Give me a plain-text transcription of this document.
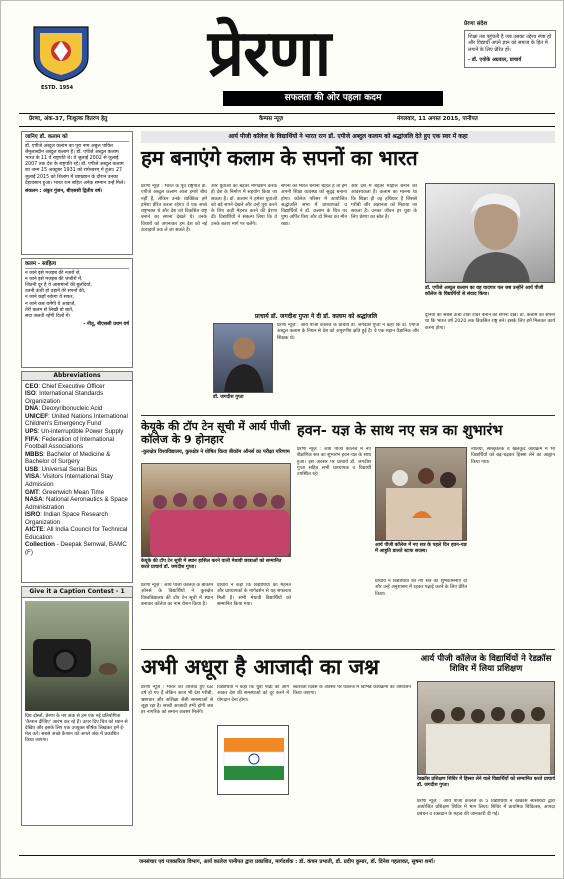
ESTD. 1954	प्रेरणा
सफलता की ओर पहला कदम
प्रेरणा संदेश
शिक्षा तब पहुंचती है जब उसका उद्देश्य स्पष्ट हो और विद्यार्थी अपने ज्ञान को समाज के हित में लगाने के लिए प्रेरित हों।
- डॉ. एयोके अग्रवाल, प्राचार्य
प्रेरणा, अंक-37, निःशुल्क वितरण हेतु	कैम्पस न्यूज़	मंगलवार, 11 अगस्त 2015, पानीपत
जानिए डॉ. कलाम को
डॉ. एपीजे अब्दुल कलाम का पूरा नाम अबुल पाकिर जैनुलाब्दीन अब्दुल कलाम है। डॉ. एपीजे अब्दुल कलाम भारत के 11 वें राष्ट्रपति थे। वे जुलाई 2002 से जुलाई 2007 तक देश के राष्ट्रपति रहे। डॉ. एपीजे अब्दुल कलाम का जन्म 15 अक्टूबर 1931 को रामेश्वरम् में हुआ। 27 जुलाई 2015 को शिलांग में व्याख्यान के दौरान उनका देहावसान हुआ। भारत रत्न सहित अनेक सम्मान उन्हें मिले।
संकलन : अंकुर गुंजन, बीएससी द्वितीय वर्ष।
कलम - साहित्य
न जाने इसे मज़हब की नज़रों से,
न जाने इसे मज़हब की जंजीरों में,
जितनी दूर है ये आसमानों की बुलंदियाँ,
उतनी ऊंची हो उड़ानें तेरे सपनों की,
न जाने कहाँ रुकेगा ये सफर,
न जाने कब थमेंगी ये आवाजें,
तेरी कलम से लिखी वो बातें,
सदा जलती रहेंगी दिलों में।
- नीतू, बीएससी प्रथम वर्ष
Abbreviations
CEO: Chief Executive Officer
ISO: International Standards Organization
DNA: Deoxyribonucleic Acid
UNICEF: United Nations International Children's Emergency Fund
UPS: Un-interruptible Power Supply
FIFA: Federation of International Football Associations
MBBS: Bachelor of Medicine & Bachelor of Surgery
USB: Universal Serial Bus
VISA: Visitors International Stay Admission
GMT: Greenwich Mean Time
NASA: National Aeronautics & Space Administration
ISRO: Indian Space Research Organization
AICTE: All India Council for Technical Education
Collection - Deepak Semwal, BAMC (F)
Give it a Caption Contest - 1
प्रिय दोस्तों, प्रेरणा के नए अंक से हम एक नई प्रतियोगिता 'कैप्शन दीजिए' आरंभ कर रहे हैं। ऊपर दिए चित्र को ध्यान से देखिए और इसके लिए एक उपयुक्त शीर्षक लिखकर हमें ई-मेल करें। सबसे अच्छे कैप्शन को अगले अंक में प्रकाशित किया जाएगा।
आर्य पीजी कॉलेज के विद्यार्थियों ने भारत रत्न डॉ. एपीजे अब्दुल कलाम को श्रद्धांजलि देते हुए एक स्वर में कहा
हम बनाएंगे कलाम के सपनों का भारत
प्रेरणा न्यूज़ : भारत के पूर्व राष्ट्रपति डॉ. एपीजे अब्दुल कलाम आज हमारे बीच नहीं हैं, लेकिन उनके व्यक्तित्व हमें हमेशा प्रेरित करता रहेगा। वे एक सच्चे राष्ट्रभक्त थे और देश को विकसित राष्ट्र बनाने का सपना देखते थे। उनके विचारों को अपनाकर हम देश को नई ऊंचाइयों तक ले जा सकते हैं।
और युवाओं का बेहतर मार्गदर्शन करके ही देश के निर्माण में सहयोग किया जा सकता है। डॉ. कलाम ने हमेशा युवाओं को बड़े सपने देखने और उन्हें पूरा करने के लिए कड़ी मेहनत करने की प्रेरणा दी। विद्यार्थियों ने संकल्प लिया कि वे उनके बताए मार्ग पर चलेंगे।
सपनों का भारत बनाना चाहते हैं तो हमें अपनी शिक्षा व्यवस्था को सुदृढ़ बनाना होगा। कॉलेज परिसर में आयोजित श्रद्धांजलि सभा में प्राध्यापकों व विद्यार्थियों ने डॉ. कलाम के चित्र पर पुष्प अर्पित किए और दो मिनट का मौन रखा।
और देश में बेहतर माहौल बनाने की आवश्यकता है। कलाम का मानना था कि शिक्षा ही वह हथियार है जिससे गरीबी और अज्ञानता को मिटाया जा सकता है। उनका जीवन हर युवा के लिए प्रेरणा का स्रोत है।
डॉ. एपीजे अब्दुल कलाम का वह यादगार पल जब उन्होंने आर्य पीजी कॉलेज के विद्यार्थियों से संवाद किया।
दुनिया का सबसे ऊंचा टीवी टावर बनाने का सपना देखें। डॉ. कलाम का सपना था कि भारत वर्ष 2020 तक विकसित राष्ट्र बने। इसके लिए हमें मिलकर कार्य करना होगा।
प्राचार्य डॉ. जगदीश गुप्ता ने दी डॉ. कलाम को श्रद्धांजलि
डॉ. जगदीश गुप्ता
प्रेरणा न्यूज़ : आर्य पीजी कॉलेज के प्राचार्य डॉ. जगदीश गुप्ता ने कहा कि डॉ. एपीजे अब्दुल कलाम के निधन से देश को अपूरणीय क्षति हुई है। वे एक महान वैज्ञानिक और शिक्षक थे।
केयूके की टॉप टेन सूची में आर्य पीजी कॉलेज के 9 होनहार
-कुरुक्षेत्र विश्वविद्यालय, कुरुक्षेत्र ने घोषित किया बीकॉम ऑनर्स का परीक्षा परिणाम
केयूके की टॉप टेन सूची में स्थान हासिल करने वाली मेधावी छात्राओं को सम्मानित करते प्राचार्य डॉ. जगदीश गुप्ता।
प्रेरणा न्यूज़ : आर्य पीजी कॉलेज के बीकॉम ऑनर्स के विद्यार्थियों ने कुरुक्षेत्र विश्वविद्यालय की टॉप टेन सूची में स्थान बनाकर कॉलेज का नाम रोशन किया है।
प्राचार्य ने कहा कि विद्यार्थियों की मेहनत और प्राध्यापकों के मार्गदर्शन से यह सफलता मिली है। सभी मेधावी विद्यार्थियों को सम्मानित किया गया।
हवन- यज्ञ के साथ नए सत्र का शुभारंभ
प्रेरणा न्यूज़ : आर्य पीजी कॉलेज में नए शैक्षणिक सत्र का शुभारंभ हवन-यज्ञ के साथ हुआ। इस अवसर पर प्राचार्य डॉ. जगदीश गुप्ता सहित सभी प्राध्यापक व विद्यार्थी उपस्थित रहे।
आर्य पीजी कॉलेज में नए सत्र के पहले दिन हवन-यज्ञ में आहुति डालते स्टाफ सदस्य।
प्राचार्य ने विद्यार्थियों को नए सत्र की शुभकामनाएं दीं और उन्हें अनुशासन में रहकर पढ़ाई करने के लिए प्रेरित किया।
नीतियां, सांस्कृतिक व खेलकूद कार्यक्रम में भी विद्यार्थियों को बढ़-चढ़कर हिस्सा लेने का आह्वान किया गया।
अभी अधूरा है आजादी का जश्न
प्रेरणा न्यूज़ : भारत को आजाद हुए 68 वर्ष हो गए हैं लेकिन आज भी देश गरीबी, भ्रष्टाचार और अशिक्षा जैसी समस्याओं से जूझ रहा है। सच्ची आजादी तभी होगी जब हर नागरिक को समान अवसर मिलेंगे।
विद्यार्थियों ने कहा कि युवा पीढ़ी को आगे आकर देश की समस्याओं को दूर करने में योगदान देना होगा।
स्वतंत्रता दिवस के अवसर पर कॉलेज में विभिन्न कार्यक्रमों का आयोजन किया जाएगा।
आर्य पीजी कॉलेज के विद्यार्थियों ने रेडक्रॉस शिविर में लिया प्रशिक्षण
रेडक्रॉस प्रशिक्षण शिविर में हिस्सा लेने वाले विद्यार्थियों को सम्मानित करते प्राचार्य डॉ. जगदीश गुप्ता।
प्रेरणा न्यूज़ : आर्य पीजी कॉलेज के 5 विद्यार्थियों ने रेडक्रॉस सोसायटी द्वारा आयोजित प्रशिक्षण शिविर में भाग लिया। शिविर में प्राथमिक चिकित्सा, आपदा प्रबंधन व रक्तदान के महत्व की जानकारी दी गई।
जनसंचार एवं पत्रकारिता विभाग, आर्य कालेज पानीपत द्वारा प्रकाशित, मार्गदर्शक : डॉ. कंचन प्रभाती, डॉ. प्रदीप कुमार, डॉ. दिनेश गहलावत, सुषमा शर्मा।
